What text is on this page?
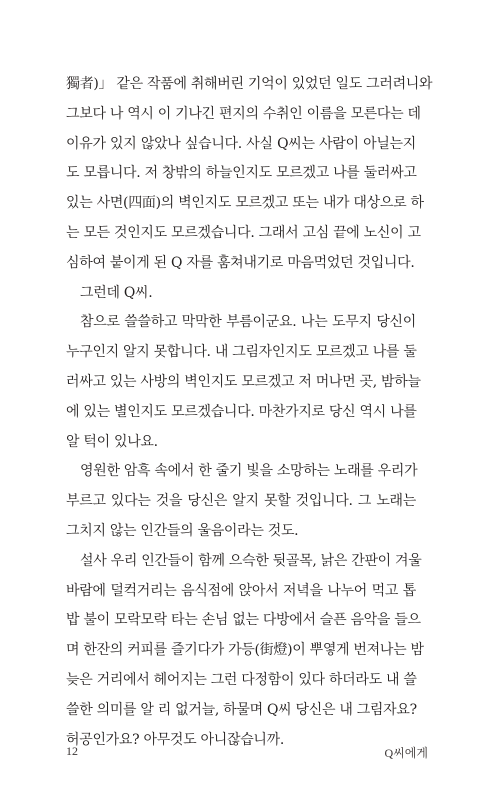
獨者)」 같은 작품에 취해버린 기억이 있었던 일도 그러려니와
그보다 나 역시 이 기나긴 편지의 수취인 이름을 모른다는 데
이유가 있지 않았나 싶습니다. 사실 Q씨는 사람이 아닐는지
도 모릅니다. 저 창밖의 하늘인지도 모르겠고 나를 둘러싸고
있는 사면(四面)의 벽인지도 모르겠고 또는 내가 대상으로 하
는 모든 것인지도 모르겠습니다. 그래서 고심 끝에 노신이 고
심하여 붙이게 된 Q 자를 훔쳐내기로 마음먹었던 것입니다.
그런데 Q씨.
참으로 쓸쓸하고 막막한 부름이군요. 나는 도무지 당신이
누구인지 알지 못합니다. 내 그림자인지도 모르겠고 나를 둘
러싸고 있는 사방의 벽인지도 모르겠고 저 머나먼 곳, 밤하늘
에 있는 별인지도 모르겠습니다. 마찬가지로 당신 역시 나를
알 턱이 있나요.
영원한 암흑 속에서 한 줄기 빛을 소망하는 노래를 우리가
부르고 있다는 것을 당신은 알지 못할 것입니다. 그 노래는
그치지 않는 인간들의 울음이라는 것도.
설사 우리 인간들이 함께 으슥한 뒷골목, 낡은 간판이 겨울
바람에 덜컥거리는 음식점에 앉아서 저녁을 나누어 먹고 톱
밥 불이 모락모락 타는 손님 없는 다방에서 슬픈 음악을 들으
며 한잔의 커피를 즐기다가 가등(街燈)이 뿌옇게 번져나는 밤
늦은 거리에서 헤어지는 그런 다정함이 있다 하더라도 내 쓸
쓸한 의미를 알 리 없거늘, 하물며 Q씨 당신은 내 그림자요?
허공인가요? 아무것도 아니잖습니까.
12	Q씨에게
